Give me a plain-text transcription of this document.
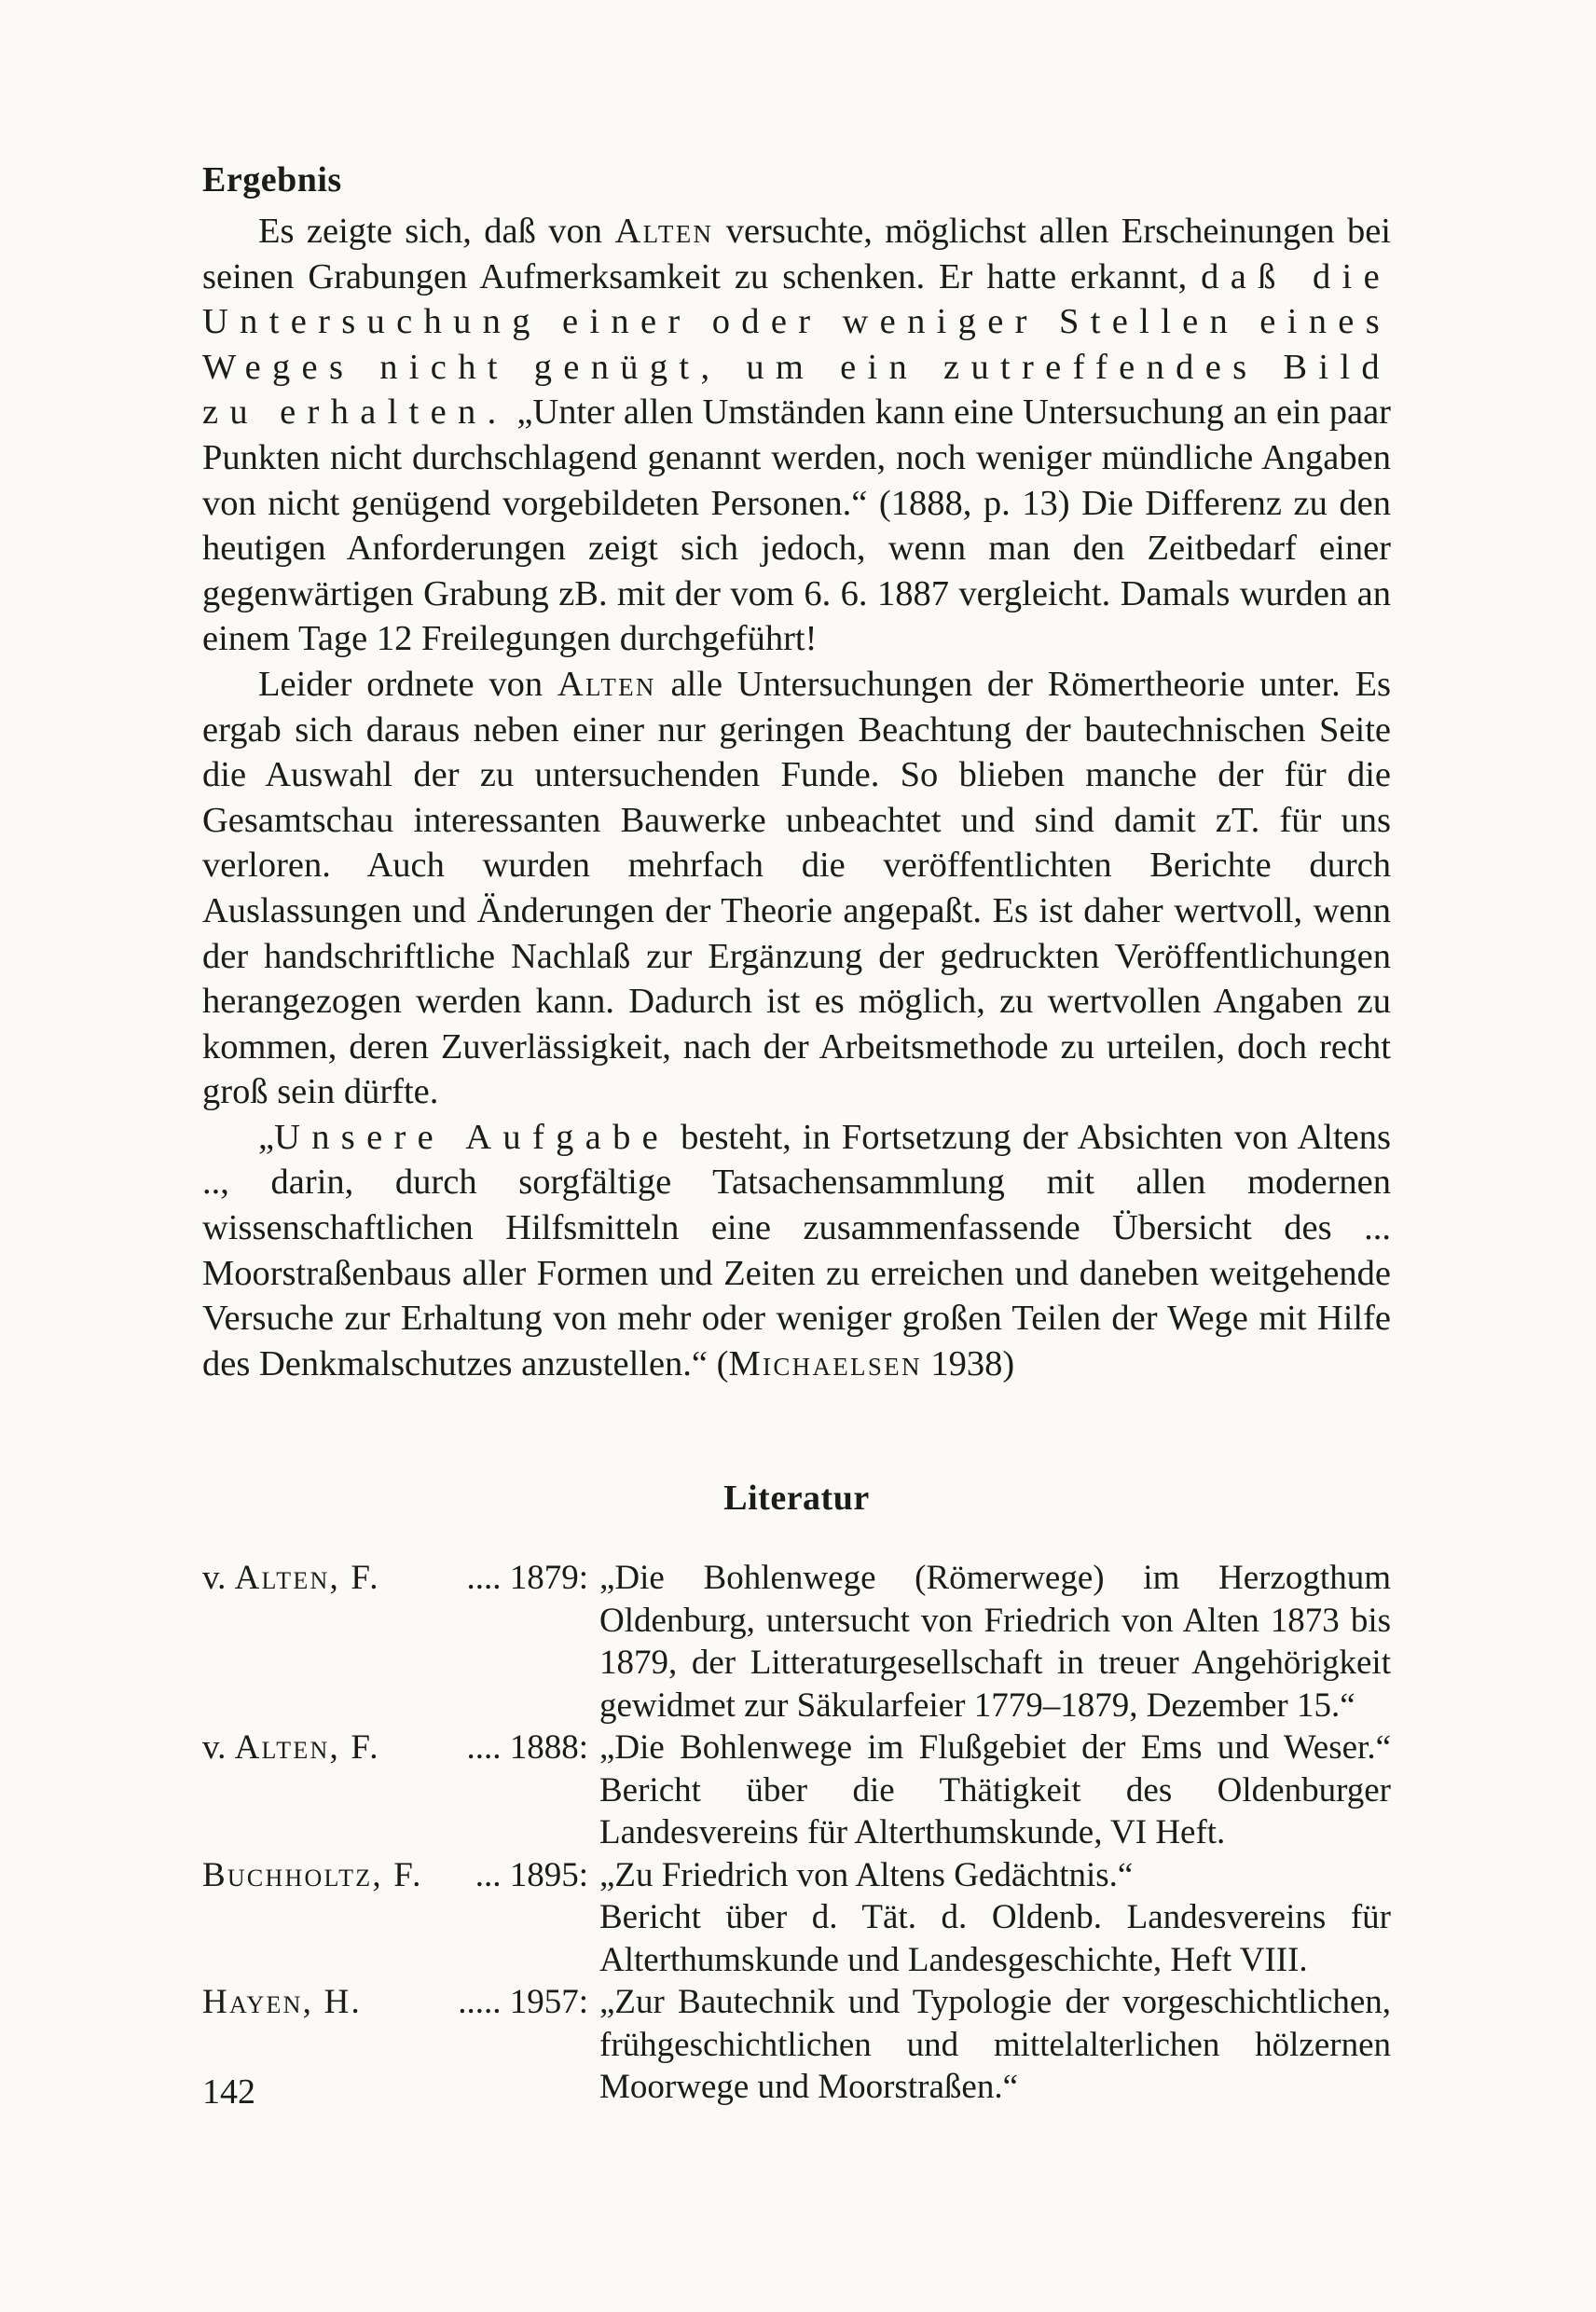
Ergebnis

Es zeigte sich, daß von Alten versuchte, möglichst allen Erscheinungen bei seinen Grabungen Aufmerksamkeit zu schenken. Er hatte erkannt, daß die Untersuchung einer oder weniger Stellen eines Weges nicht genügt, um ein zutreffendes Bild zu erhalten. „Unter allen Umständen kann eine Untersuchung an ein paar Punkten nicht durchschlagend genannt werden, noch weniger mündliche Angaben von nicht genügend vorgebildeten Personen.“ (1888, p. 13) Die Differenz zu den heutigen Anforderungen zeigt sich jedoch, wenn man den Zeitbedarf einer gegenwärtigen Grabung zB. mit der vom 6. 6. 1887 vergleicht. Damals wurden an einem Tage 12 Freilegungen durchgeführt!

Leider ordnete von Alten alle Untersuchungen der Römertheorie unter. Es ergab sich daraus neben einer nur geringen Beachtung der bautechnischen Seite die Auswahl der zu untersuchenden Funde. So blieben manche der für die Gesamtschau interessanten Bauwerke unbeachtet und sind damit zT. für uns verloren. Auch wurden mehrfach die veröffentlichten Berichte durch Auslassungen und Änderungen der Theorie angepaßt. Es ist daher wertvoll, wenn der handschriftliche Nachlaß zur Ergänzung der gedruckten Veröffentlichungen herangezogen werden kann. Dadurch ist es möglich, zu wertvollen Angaben zu kommen, deren Zuverlässigkeit, nach der Arbeitsmethode zu urteilen, doch recht groß sein dürfte.

„Unsere Aufgabe besteht, in Fortsetzung der Absichten von Altens .., darin, durch sorgfältige Tatsachensammlung mit allen modernen wissenschaftlichen Hilfsmitteln eine zusammenfassende Übersicht des ... Moorstraßenbaus aller Formen und Zeiten zu erreichen und daneben weitgehende Versuche zur Erhaltung von mehr oder weniger großen Teilen der Wege mit Hilfe des Denkmalschutzes anzustellen.“ (Michaelsen 1938)

Literatur
v. Alten, F.	.... 1879: „Die Bohlenwege (Römerwege) im Herzogthum Oldenburg, untersucht von Friedrich von Alten 1873 bis 1879, der Litteraturgesellschaft in treuer Angehörigkeit gewidmet zur Säkularfeier 1779–1879, Dezember 15.“
v. Alten, F.	.... 1888: „Die Bohlenwege im Flußgebiet der Ems und Weser.“ Bericht über die Thätigkeit des Oldenburger Landesvereins für Alterthumskunde, VI Heft.
Buchholtz, F. ... 1895: „Zu Friedrich von Altens Gedächtnis.“
Bericht über d. Tät. d. Oldenb. Landesvereins für Alterthumskunde und Landesgeschichte, Heft VIII.
Hayen, H.	..... 1957: „Zur Bautechnik und Typologie der vorgeschichtlichen, frühgeschichtlichen und mittelalterlichen hölzernen Moorwege und Moorstraßen.“
142
